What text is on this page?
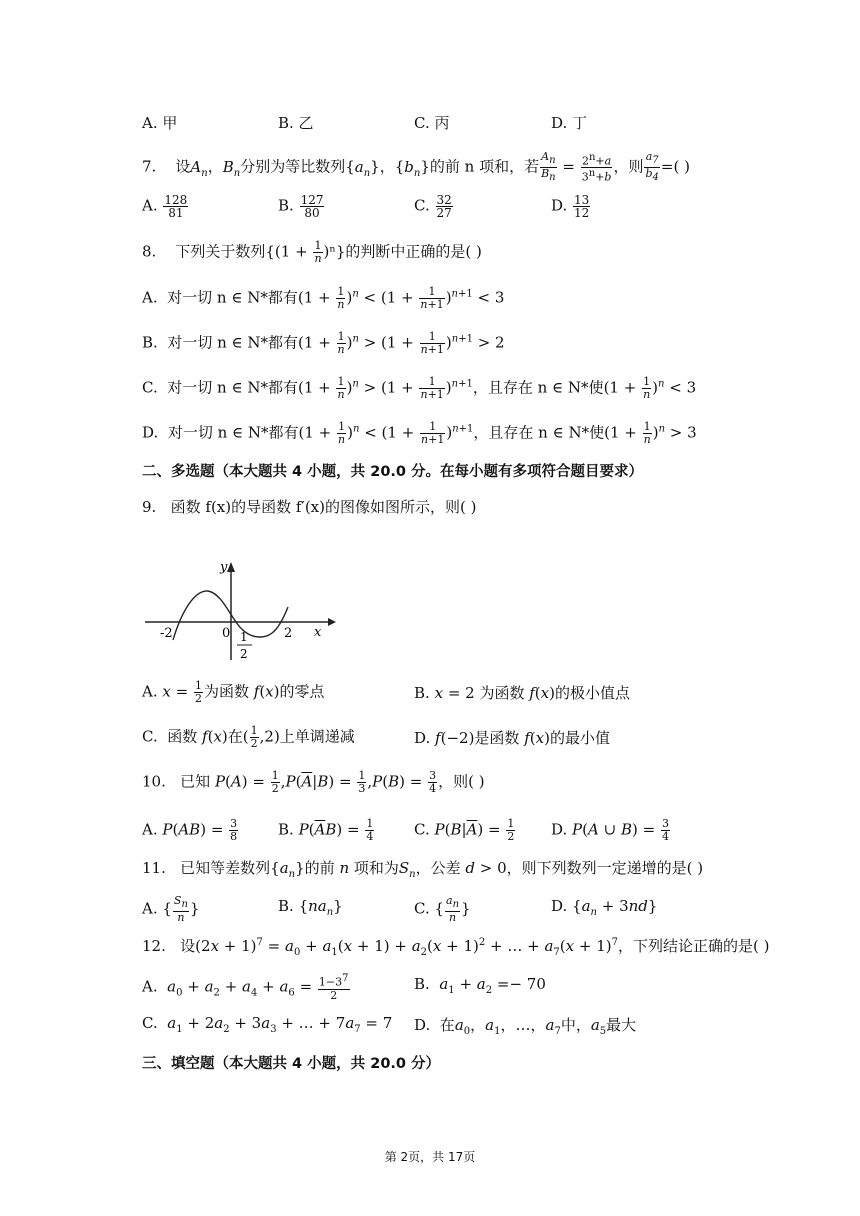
A. 甲	B. 乙	C. 丙	D. 丁
7. 设$A_n$，$B_n$分别为等比数列$\{a_n\}$，$\{b_n\}$的前 n 项和，若 $\frac{A_n}{B_n} = \frac{2^n+a}{3^n+b}$ ，则 $\frac{a_7}{b_4}$ =( )
A. $\frac{128}{81}$	B. $\frac{127}{80}$	C. $\frac{32}{27}$	D. $\frac{13}{12}$
8. 下列关于数列$\{(1 + \frac{1}{n} )^n\}$的判断中正确的是( )
A. 对一切 n ∈ N*都有$(1 + \frac{1}{n} )^n < (1 + \frac{1}{n+1} )^{n+1} < 3$
B. 对一切 n ∈ N*都有$(1 + \frac{1}{n} )^n > (1 + \frac{1}{n+1} )^{n+1} > 2$
C. 对一切 n ∈ N*都有$(1 + \frac{1}{n} )^n > (1 + \frac{1}{n+1} )^{n+1}$，且存在 n ∈ N*使$(1 + \frac{1}{n} )^n < 3$
D. 对一切 n ∈ N*都有$(1 + \frac{1}{n} )^n < (1 + \frac{1}{n+1} )^{n+1}$，且存在 n ∈ N*使$(1 + \frac{1}{n} )^n > 3$
二、多选题（本大题共 4 小题，共 20.0 分。在每小题有多项符合题目要求）
9. 函数 f(x)的导函数 f′(x)的图像如图所示，则( )
y
x
-2	0	2
1
2
A. $x = \frac{1}{2}$ 为函数 f(x)的零点	B. x = 2 为函数 f(x)的极小值点
C.  函数 f(x)在( $\frac{1}{2} ,2$)上单调递减	D. f(−2)是函数 f(x)的最小值
10.   已知 $P(A) = \frac{1}{2} ,P(\overline{A}|B) = \frac{1}{3} ,P(B) = \frac{3}{4}$ ，则( )
A. $P(AB) = \frac{3}{8}$	B. $P(\overline{A}B) = \frac{1}{4}$	C. $P(B|\overline{A}) = \frac{1}{2} D$. P(A ∪ $B) = \frac{3}{4}$
11.   已知等差数列$\{a_n\}$的前 n 项和为$S_n$，公差 d > 0，则下列数列一定递增的是( )
A. { $\frac{S_n}{n}$ }	B. $\{na_n\}$	C. { $\frac{a_n}{n}$ }	D. $\{a_n + 3nd\}$
12.   设$(2x + 1)^7 = a_0 + a_1(x + 1) + a_2(x + 1)^2$ + … + $a_7(x + 1)^7$，下列结论正确的是( )
A. $a_0 + a_2 + a_4 + a_6 = \frac{1-3^7}{2}$	B. $a_1 + a_2 =- 70$
C. $a_1 + 2a_2 + 3a_3$ + … + $7a_7 = 7$ D.  在$a_0$，$a_1$，…，$a_7$中，$a_5$最大
三、填空题（本大题共 4 小题，共 20.0 分）
第 2页，共 17页
